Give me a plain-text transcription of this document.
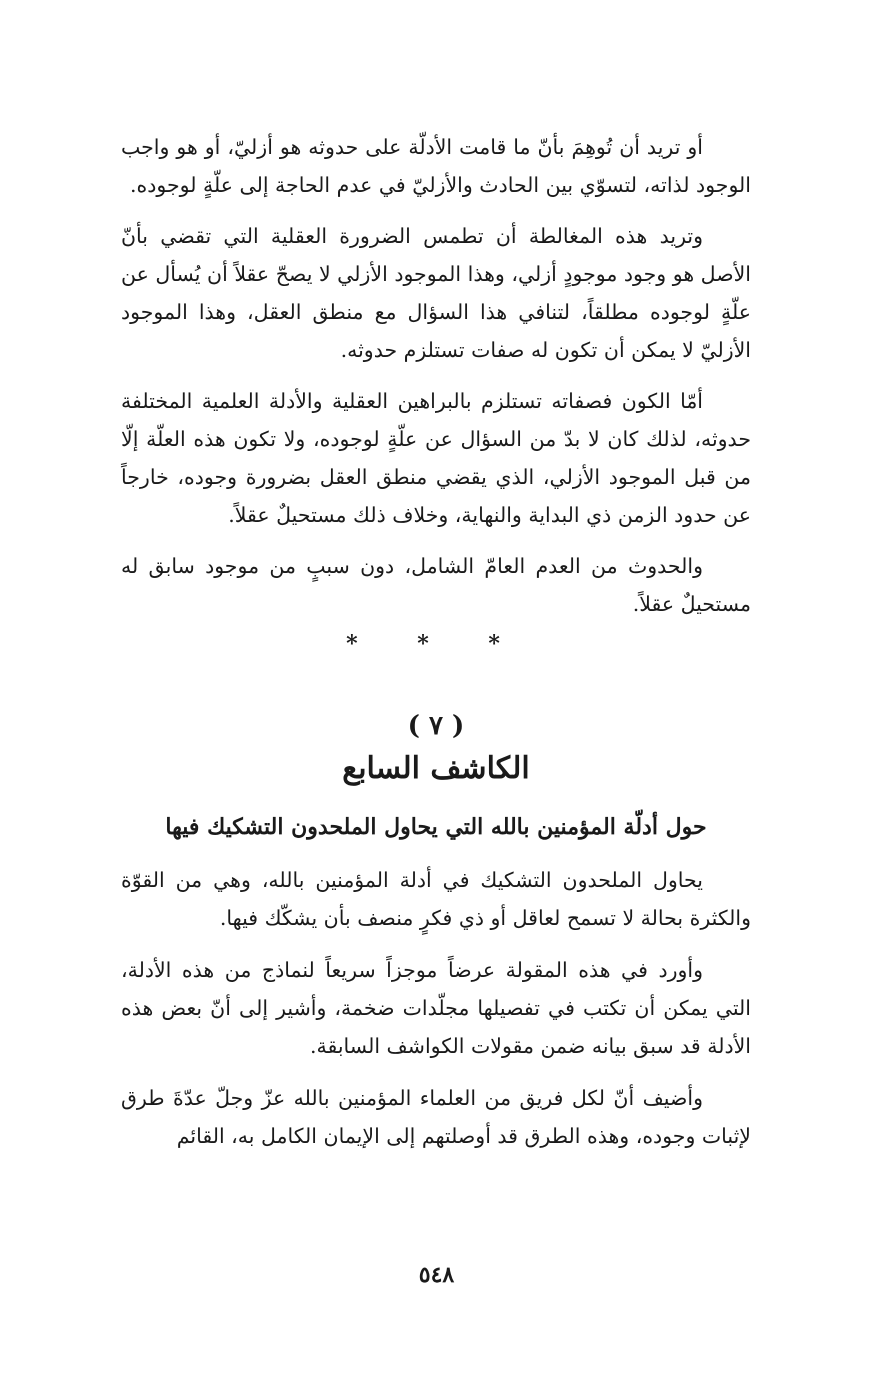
أو تريد أن تُوهِمَ بأنّ ما قامت الأدلّة على حدوثه هو أزليّ، أو هو واجب الوجود لذاته، لتسوّي بين الحادث والأزليّ في عدم الحاجة إلى علّةٍ لوجوده.

وتريد هذه المغالطة أن تطمس الضرورة العقلية التي تقضي بأنّ الأصل هو وجود موجودٍ أزلي، وهذا الموجود الأزلي لا يصحّ عقلاً أن يُسأل عن علّةٍ لوجوده مطلقاً، لتنافي هذا السؤال مع منطق العقل، وهذا الموجود الأزليّ لا يمكن أن تكون له صفات تستلزم حدوثه.

أمّا الكون فصفاته تستلزم بالبراهين العقلية والأدلة العلمية المختلفة حدوثه، لذلك كان لا بدّ من السؤال عن علّةٍ لوجوده، ولا تكون هذه العلّة إلّا من قبل الموجود الأزلي، الذي يقضي منطق العقل بضرورة وجوده، خارجاً عن حدود الزمن ذي البداية والنهاية، وخلاف ذلك مستحيلٌ عقلاً.

والحدوث من العدم العامّ الشامل، دون سببٍ من موجود سابق له مستحيلٌ عقلاً.

* * *
( ٧ )
الكاشف السابع
حول أدلّة المؤمنين بالله التي يحاول الملحدون التشكيك فيها

يحاول الملحدون التشكيك في أدلة المؤمنين بالله، وهي من القوّة والكثرة بحالة لا تسمح لعاقل أو ذي فكرٍ منصف بأن يشكّك فيها.

وأورد في هذه المقولة عرضاً موجزاً سريعاً لنماذج من هذه الأدلة، التي يمكن أن تكتب في تفصيلها مجلّدات ضخمة، وأشير إلى أنّ بعض هذه الأدلة قد سبق بيانه ضمن مقولات الكواشف السابقة.

وأضيف أنّ لكل فريق من العلماء المؤمنين بالله عزّ وجلّ عدّةَ طرق لإثبات وجوده، وهذه الطرق قد أوصلتهم إلى الإيمان الكامل به، القائم

٥٤٨
